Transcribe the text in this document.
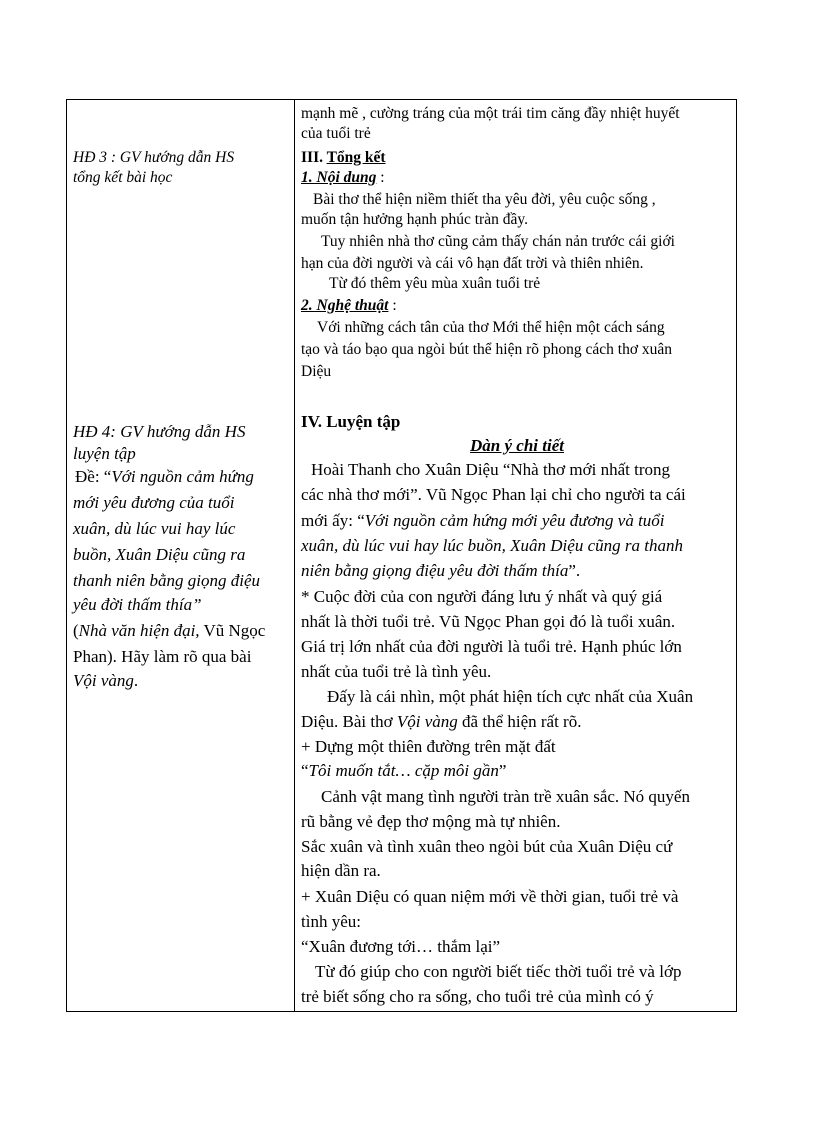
HĐ 3 : GV hướng dẫn HS
tổng kết bài học
HĐ 4: GV hướng dẫn HS
luyện tập
Đề: “Với nguồn cảm hứng
mới yêu đương của tuổi
xuân, dù lúc vui hay lúc
buồn, Xuân Diệu cũng ra
thanh niên bằng giọng điệu
yêu đời thấm thía”
(Nhà văn hiện đại, Vũ Ngọc
Phan). Hãy làm rõ qua bài
Vội vàng.
mạnh mẽ , cường tráng của một trái tim căng đầy nhiệt huyết
của tuổi trẻ
III. Tổng kết
1. Nội dung :
Bài thơ thể hiện niềm thiết tha yêu đời, yêu cuộc sống ,
muốn tận hưởng hạnh phúc tràn đầy.
Tuy nhiên nhà thơ cũng cảm thấy chán nản trước cái giới
hạn của đời người và cái vô hạn đất trời và thiên nhiên.
Từ đó thêm yêu mùa xuân tuổi trẻ
2. Nghệ thuật :
Với những cách tân của thơ Mới thể hiện một cách sáng
tạo và táo bạo qua ngòi bút thể hiện rõ phong cách thơ xuân
Diệu
IV. Luyện tập
Dàn ý chi tiết
Hoài Thanh cho Xuân Diệu “Nhà thơ mới nhất trong
các nhà thơ mới”. Vũ Ngọc Phan lại chỉ cho người ta cái
mới ấy: “Với nguồn cảm hứng mới yêu đương và tuổi
xuân, dù lúc vui hay lúc buồn, Xuân Diệu cũng ra thanh
niên bằng giọng điệu yêu đời thấm thía”.
* Cuộc đời của con người đáng lưu ý nhất và quý giá
nhất là thời tuổi trẻ. Vũ Ngọc Phan gọi đó là tuổi xuân.
Giá trị lớn nhất của đời người là tuổi trẻ. Hạnh phúc lớn
nhất của tuổi trẻ là tình yêu.
Đấy là cái nhìn, một phát hiện tích cực nhất của Xuân
Diệu. Bài thơ Vội vàng đã thể hiện rất rõ.
+ Dựng một thiên đường trên mặt đất
“Tôi muốn tắt… cặp môi gần”
Cảnh vật mang tình người tràn trề xuân sắc. Nó quyến
rũ bằng vẻ đẹp thơ mộng mà tự nhiên.
Sắc xuân và tình xuân theo ngòi bút của Xuân Diệu cứ
hiện dần ra.
+ Xuân Diệu có quan niệm mới về thời gian, tuổi trẻ và
tình yêu:
“Xuân đương tới… thắm lại”
Từ đó giúp cho con người biết tiếc thời tuổi trẻ và lớp
trẻ biết sống cho ra sống, cho tuổi trẻ của mình có ý
